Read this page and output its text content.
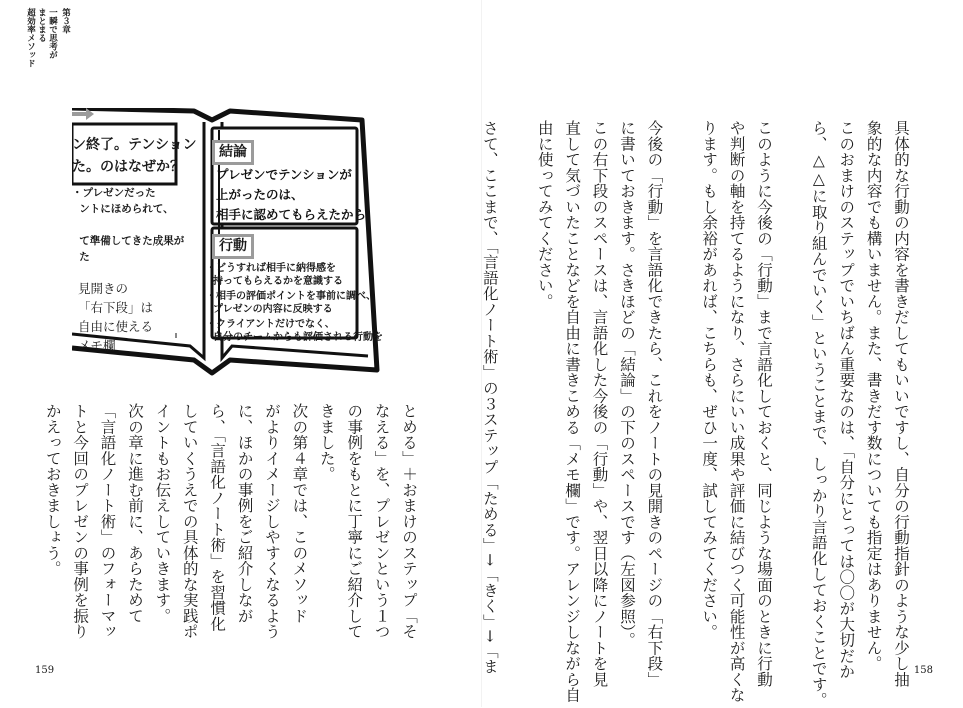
第３章
一瞬で思考が
まとまる
超効率メソッド
ン終了。テンション
た。のはなぜか？
・プレゼンだった
ントにほめられて、

て準備してきた成果が
た
見開きの
「右下段」は
自由に使える
メモ欄
結論
プレゼンでテンションが
上がったのは、
相手に認めてもらえたから
行動
・どうすれば相手に納得感を
持ってもらえるかを意識する
・相手の評価ポイントを事前に調べ、
プレゼンの内容に反映する
・クライアントだけでなく、
自分のチームからも評価される行動を	具体的な行動の内容を書きだしてもいいですし、自分の行動指針のような少し抽
象的な内容でも構いません。また、書きだす数についても指定はありません。
このおまけのステップでいちばん重要なのは、「自分にとっては〇〇が大切だか
ら、△△に取り組んでいく」ということまで、しっかり言語化しておくことです。

このように今後の「行動」まで言語化しておくと、同じような場面のときに行動
や判断の軸を持てるようになり、さらにいい成果や評価に結びつく可能性が高くな
ります。もし余裕があれば、こちらも、ぜひ一度、試してみてください。

今後の「行動」を言語化できたら、これをノートの見開きのページの「右下段」
に書いておきます。さきほどの「結論」の下のスペースです（左図参照）。
この右下段のスペースは、言語化した今後の「行動」や、翌日以降にノートを見
直して気づいたことなどを自由に書きこめる「メモ欄」です。アレンジしながら自
由に使ってみてください。

さて、ここまで、「言語化ノート術」の３ステップ「ためる」→「きく」→「ま
とめる」＋おまけのステップ「そ
なえる」を、プレゼンという１つ
の事例をもとに丁寧にご紹介して
きました。
次の第４章では、このメソッド
がよりイメージしやすくなるよう
に、ほかの事例をご紹介しなが
ら、「言語化ノート術」を習慣化
していくうえでの具体的な実践ポ
イントもお伝えしていきます。
次の章に進む前に、あらためて
「言語化ノート術」のフォーマッ
トと今回のプレゼンの事例を振り
かえっておきましょう。
159	158
